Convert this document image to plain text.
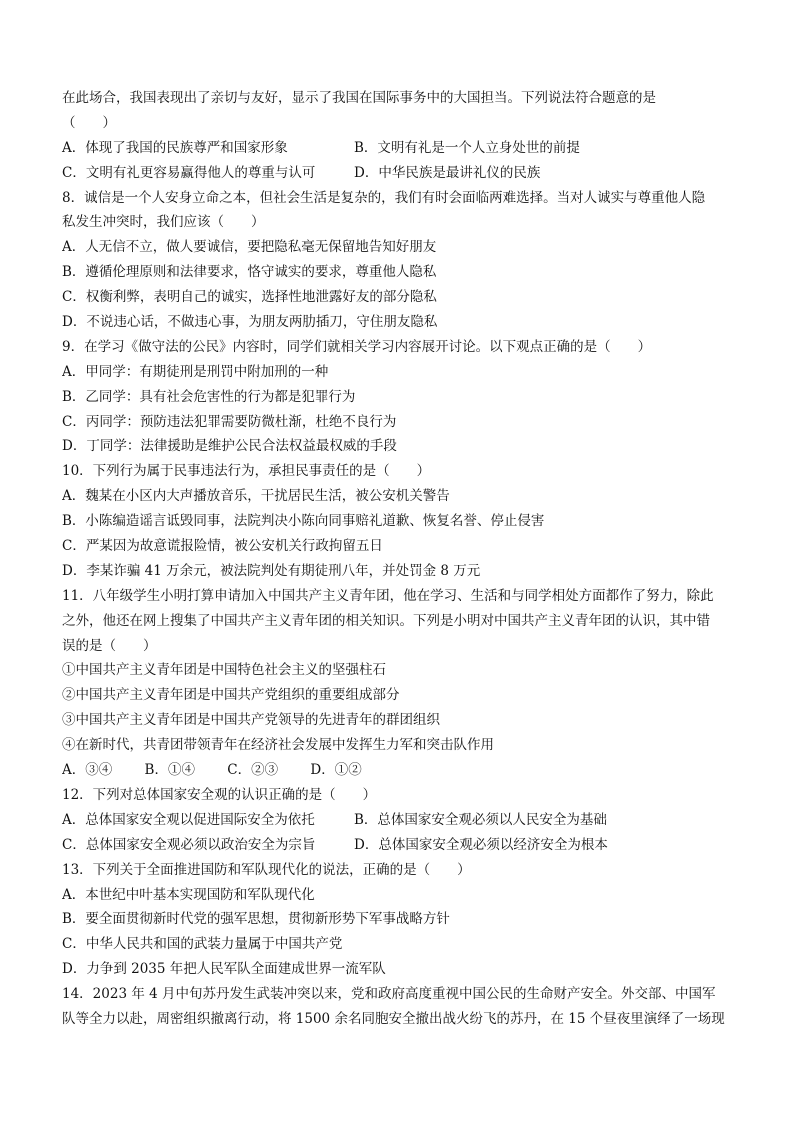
在此场合，我国表现出了亲切与友好，显示了我国在国际事务中的大国担当。下列说法符合题意的是
（　　）
A．体现了我国的民族尊严和国家形象	B．文明有礼是一个人立身处世的前提
C．文明有礼更容易赢得他人的尊重与认可	D．中华民族是最讲礼仪的民族
8．诚信是一个人安身立命之本，但社会生活是复杂的，我们有时会面临两难选择。当对人诚实与尊重他人隐
私发生冲突时，我们应该（　　）
A．人无信不立，做人要诚信，要把隐私毫无保留地告知好朋友
B．遵循伦理原则和法律要求，恪守诚实的要求，尊重他人隐私
C．权衡利弊，表明自己的诚实，选择性地泄露好友的部分隐私
D．不说违心话，不做违心事，为朋友两肋插刀，守住朋友隐私
9．在学习《做守法的公民》内容时，同学们就相关学习内容展开讨论。以下观点正确的是（　　）
A．甲同学：有期徒刑是刑罚中附加刑的一种
B．乙同学：具有社会危害性的行为都是犯罪行为
C．丙同学：预防违法犯罪需要防微杜渐，杜绝不良行为
D．丁同学：法律援助是维护公民合法权益最权威的手段
10．下列行为属于民事违法行为，承担民事责任的是（　　）
A．魏某在小区内大声播放音乐，干扰居民生活，被公安机关警告
B．小陈编造谣言诋毁同事，法院判决小陈向同事赔礼道歉、恢复名誉、停止侵害
C．严某因为故意谎报险情，被公安机关行政拘留五日
D．李某诈骗 41 万余元，被法院判处有期徒刑八年，并处罚金 8 万元
11．八年级学生小明打算申请加入中国共产主义青年团，他在学习、生活和与同学相处方面都作了努力，除此
之外，他还在网上搜集了中国共产主义青年团的相关知识。下列是小明对中国共产主义青年团的认识，其中错
误的是（　　）
①中国共产主义青年团是中国特色社会主义的坚强柱石
②中国共产主义青年团是中国共产党组织的重要组成部分
③中国共产主义青年团是中国共产党领导的先进青年的群团组织
④在新时代，共青团带领青年在经济社会发展中发挥生力军和突击队作用
A．③④ B．①④ C．②③ D．①②
12．下列对总体国家安全观的认识正确的是（　　）
A．总体国家安全观以促进国际安全为依托	B．总体国家安全观必须以人民安全为基础
C．总体国家安全观必须以政治安全为宗旨	D．总体国家安全观必须以经济安全为根本
13．下列关于全面推进国防和军队现代化的说法，正确的是（　　）
A．本世纪中叶基本实现国防和军队现代化
B．要全面贯彻新时代党的强军思想，贯彻新形势下军事战略方针
C．中华人民共和国的武装力量属于中国共产党
D．力争到 2035 年把人民军队全面建成世界一流军队
14．2023 年 4 月中旬苏丹发生武装冲突以来，党和政府高度重视中国公民的生命财产安全。外交部、中国军
队等全力以赴，周密组织撤离行动，将 1500 余名同胞安全撤出战火纷飞的苏丹，在 15 个昼夜里演绎了一场现
